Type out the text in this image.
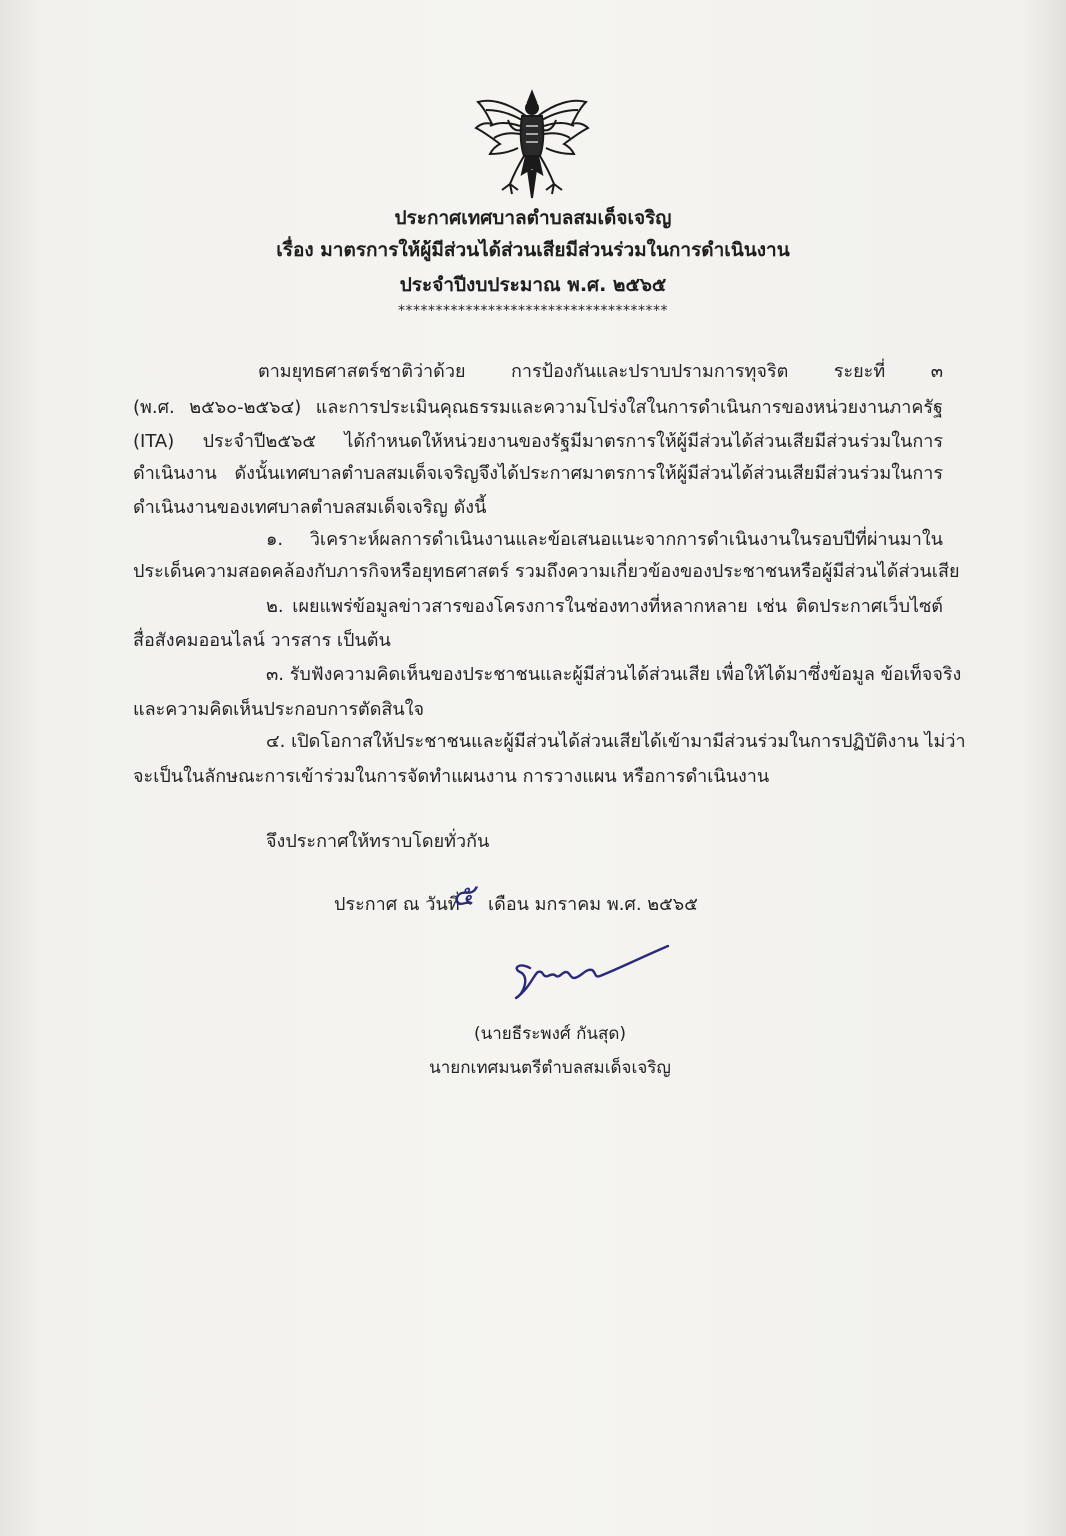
ประกาศเทศบาลตำบลสมเด็จเจริญ
เรื่อง มาตรการให้ผู้มีส่วนได้ส่วนเสียมีส่วนร่วมในการดำเนินงาน
ประจำปีงบประมาณ พ.ศ. ๒๕๖๕
************************************
ตามยุทธศาสตร์ชาติว่าด้วย การป้องกันและปราบปรามการทุจริต ระยะที่ ๓
(พ.ศ. ๒๕๖๐-๒๕๖๔) และการประเมินคุณธรรมและความโปร่งใสในการดำเนินการของหน่วยงานภาครัฐ
(ITA) ประจำปี๒๕๖๕ ได้กำหนดให้หน่วยงานของรัฐมีมาตรการให้ผู้มีส่วนได้ส่วนเสียมีส่วนร่วมในการ
ดำเนินงาน ดังนั้นเทศบาลตำบลสมเด็จเจริญจึงได้ประกาศมาตรการให้ผู้มีส่วนได้ส่วนเสียมีส่วนร่วมในการ
ดำเนินงานของเทศบาลตำบลสมเด็จเจริญ ดังนี้
๑. วิเคราะห์ผลการดำเนินงานและข้อเสนอแนะจากการดำเนินงานในรอบปีที่ผ่านมาใน
ประเด็นความสอดคล้องกับภารกิจหรือยุทธศาสตร์ รวมถึงความเกี่ยวข้องของประชาชนหรือผู้มีส่วนได้ส่วนเสีย
๒. เผยแพร่ข้อมูลข่าวสารของโครงการในช่องทางที่หลากหลาย เช่น ติดประกาศเว็บไซต์
สื่อสังคมออนไลน์ วารสาร เป็นต้น
๓. รับฟังความคิดเห็นของประชาชนและผู้มีส่วนได้ส่วนเสีย เพื่อให้ได้มาซึ่งข้อมูล ข้อเท็จจริง
และความคิดเห็นประกอบการตัดสินใจ
๔. เปิดโอกาสให้ประชาชนและผู้มีส่วนได้ส่วนเสียได้เข้ามามีส่วนร่วมในการปฏิบัติงาน ไม่ว่า
จะเป็นในลักษณะการเข้าร่วมในการจัดทำแผนงาน การวางแผน หรือการดำเนินงาน
จึงประกาศให้ทราบโดยทั่วกัน
ประกาศ ณ วันที่
๕ เดือน มกราคม พ.ศ. ๒๕๖๕
(นายธีระพงศ์ กันสุด)
นายกเทศมนตรีตำบลสมเด็จเจริญ
